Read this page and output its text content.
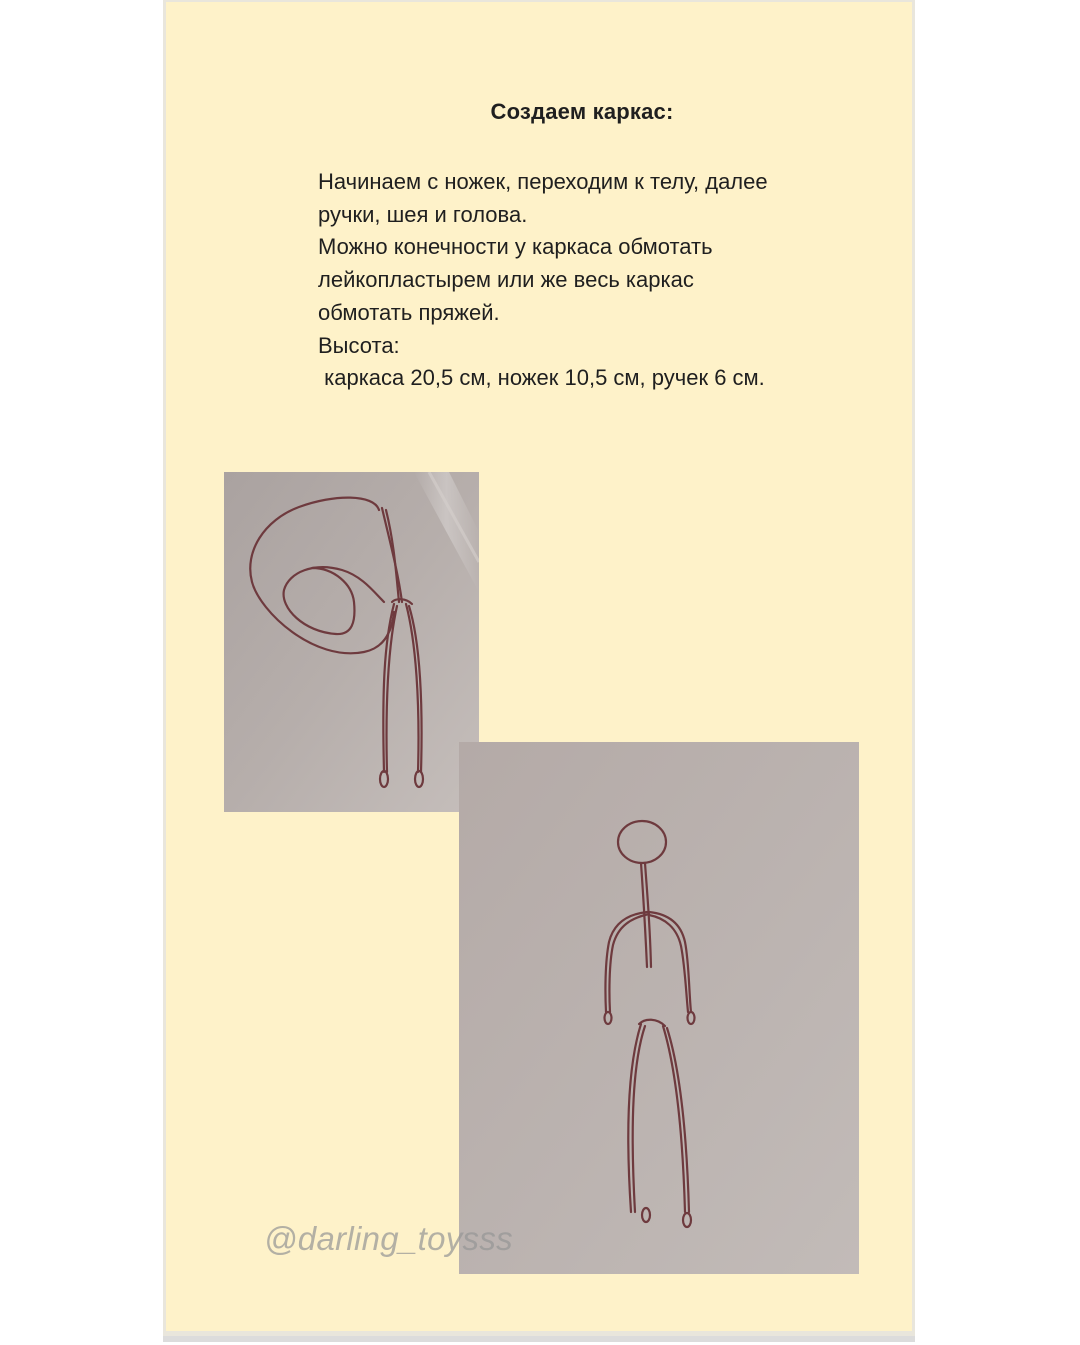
Создаем каркас:
Начинаем с ножек, переходим к телу, далее
ручки, шея и голова.
Можно конечности у каркаса обмотать
лейкопластырем или же весь каркас
обмотать пряжей.
Высота:
каркаса 20,5 см, ножек 10,5 см, ручек 6 см.
@darling_toysss
